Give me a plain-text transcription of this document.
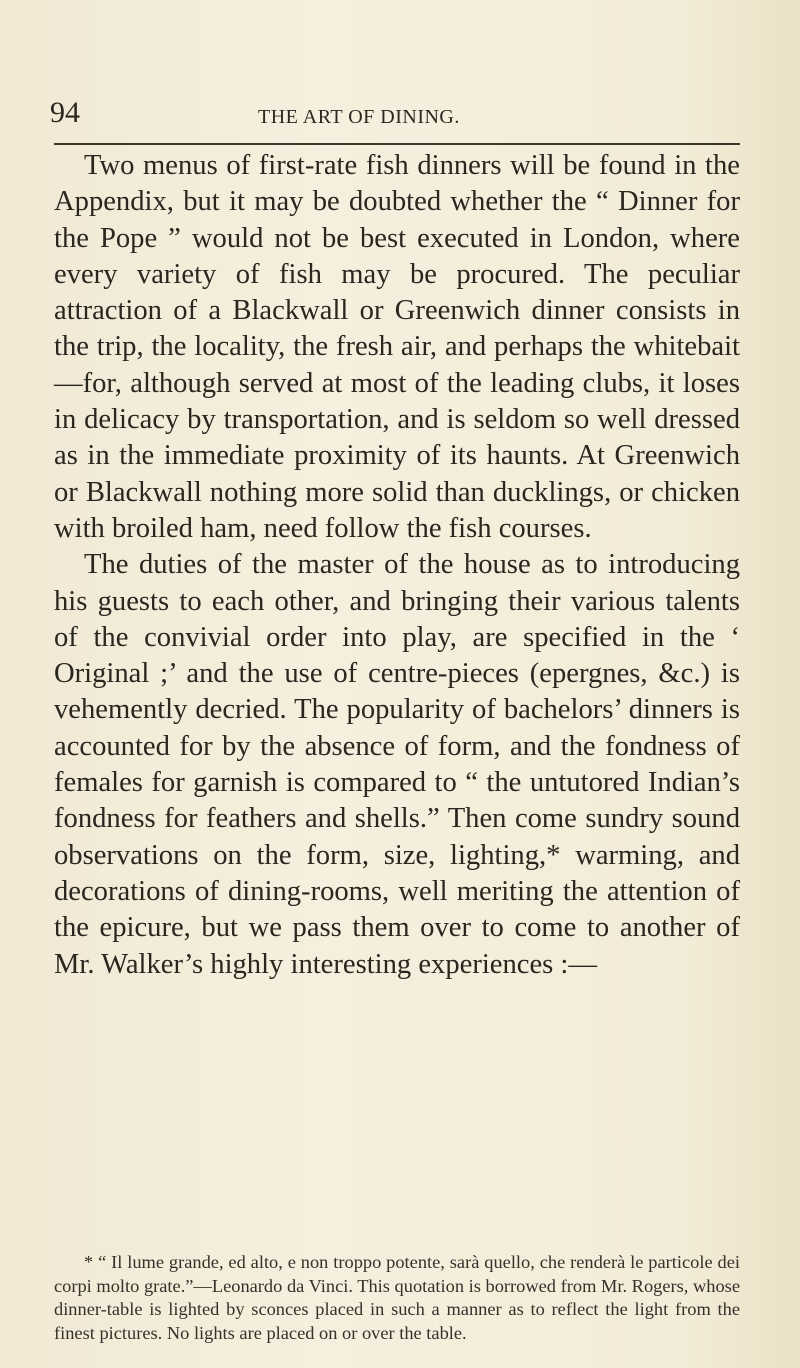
94	THE ART OF DINING.

Two menus of first-rate fish dinners will be found in the Appendix, but it may be doubted whether the “ Dinner for the Pope ” would not be best executed in London, where every variety of fish may be procured. The peculiar attraction of a Blackwall or Greenwich dinner consists in the trip, the locality, the fresh air, and perhaps the whitebait —for, although served at most of the leading clubs, it loses in delicacy by transportation, and is seldom so well dressed as in the immediate proximity of its haunts. At Greenwich or Blackwall nothing more solid than ducklings, or chicken with broiled ham, need follow the fish courses.

The duties of the master of the house as to introducing his guests to each other, and bringing their various talents of the convivial order into play, are specified in the ‘ Original ;’ and the use of centre-pieces (epergnes, &c.) is vehemently decried. The popularity of bachelors’ dinners is accounted for by the absence of form, and the fondness of females for garnish is compared to “ the untutored Indian’s fondness for feathers and shells.” Then come sundry sound observations on the form, size, lighting,* warming, and decorations of dining-rooms, well meriting the attention of the epicure, but we pass them over to come to another of Mr. Walker’s highly interesting experiences :—

* “ Il lume grande, ed alto, e non troppo potente, sarà quello, che renderà le particole dei corpi molto grate.”—Leonardo da Vinci. This quotation is borrowed from Mr. Rogers, whose dinner-table is lighted by sconces placed in such a manner as to reflect the light from the finest pictures. No lights are placed on or over the table.
